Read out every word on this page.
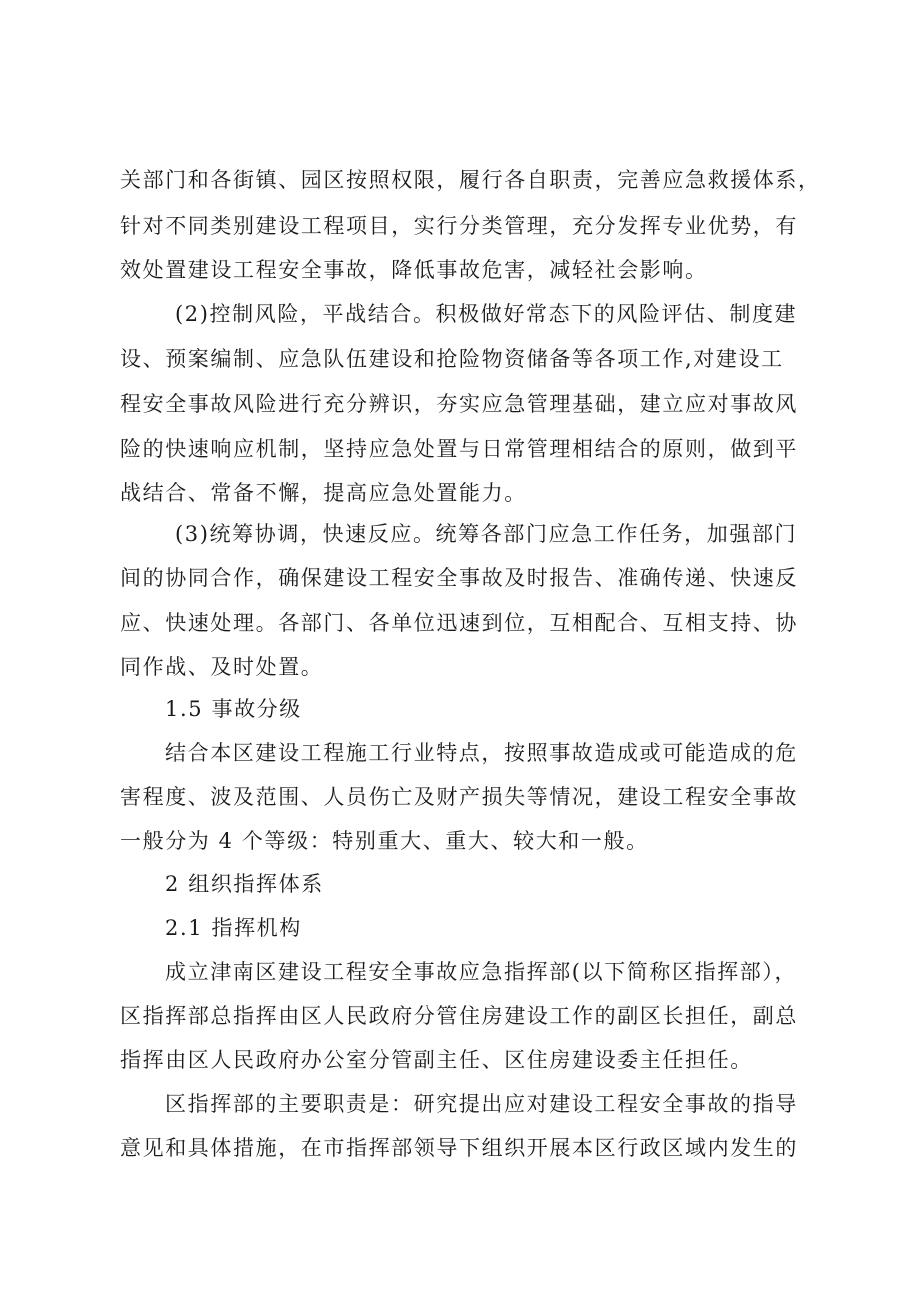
关部门和各街镇、园区按照权限，履行各自职责，完善应急救援体系，
针对不同类别建设工程项目，实行分类管理，充分发挥专业优势，有
效处置建设工程安全事故，降低事故危害，减轻社会影响。
(2)控制风险，平战结合。积极做好常态下的风险评估、制度建
设、预案编制、应急队伍建设和抢险物资储备等各项工作,对建设工
程安全事故风险进行充分辨识，夯实应急管理基础，建立应对事故风
险的快速响应机制，坚持应急处置与日常管理相结合的原则，做到平
战结合、常备不懈，提高应急处置能力。
(3)统筹协调，快速反应。统筹各部门应急工作任务，加强部门
间的协同合作，确保建设工程安全事故及时报告、准确传递、快速反
应、快速处理。各部门、各单位迅速到位，互相配合、互相支持、协
同作战、及时处置。
1.5 事故分级
结合本区建设工程施工行业特点，按照事故造成或可能造成的危
害程度、波及范围、人员伤亡及财产损失等情况，建设工程安全事故
一般分为 4 个等级：特别重大、重大、较大和一般。
2 组织指挥体系
2.1 指挥机构
成立津南区建设工程安全事故应急指挥部(以下简称区指挥部），
区指挥部总指挥由区人民政府分管住房建设工作的副区长担任，副总
指挥由区人民政府办公室分管副主任、区住房建设委主任担任。
区指挥部的主要职责是：研究提出应对建设工程安全事故的指导
意见和具体措施，在市指挥部领导下组织开展本区行政区域内发生的
